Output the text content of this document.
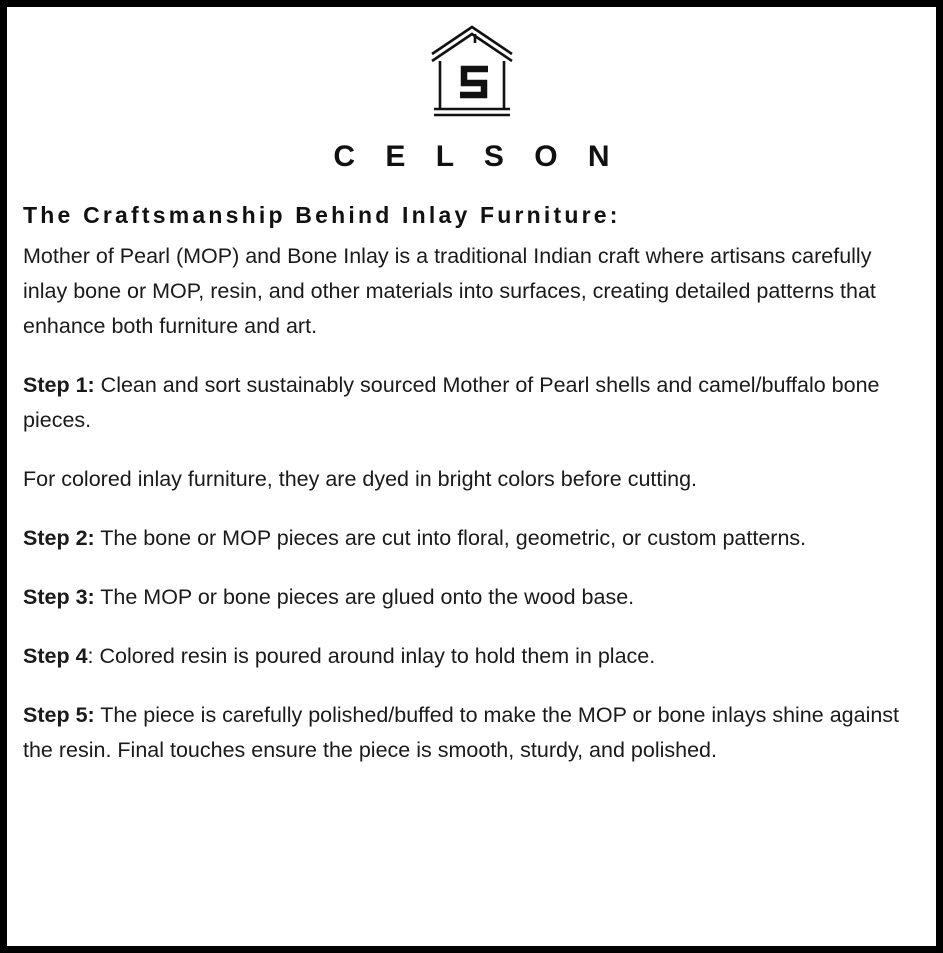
C E L S O N
The Craftsmanship Behind Inlay Furniture:

Mother of Pearl (MOP) and Bone Inlay is a traditional Indian craft where artisans carefully inlay bone or MOP, resin, and other materials into surfaces, creating detailed patterns that enhance both furniture and art.

Step 1: Clean and sort sustainably sourced Mother of Pearl shells and camel/buffalo bone pieces.

For colored inlay furniture, they are dyed in bright colors before cutting.

Step 2: The bone or MOP pieces are cut into floral, geometric, or custom patterns.

Step 3: The MOP or bone pieces are glued onto the wood base.

Step 4: Colored resin is poured around inlay to hold them in place.

Step 5: The piece is carefully polished/buffed to make the MOP or bone inlays shine against the resin. Final touches ensure the piece is smooth, sturdy, and polished.
